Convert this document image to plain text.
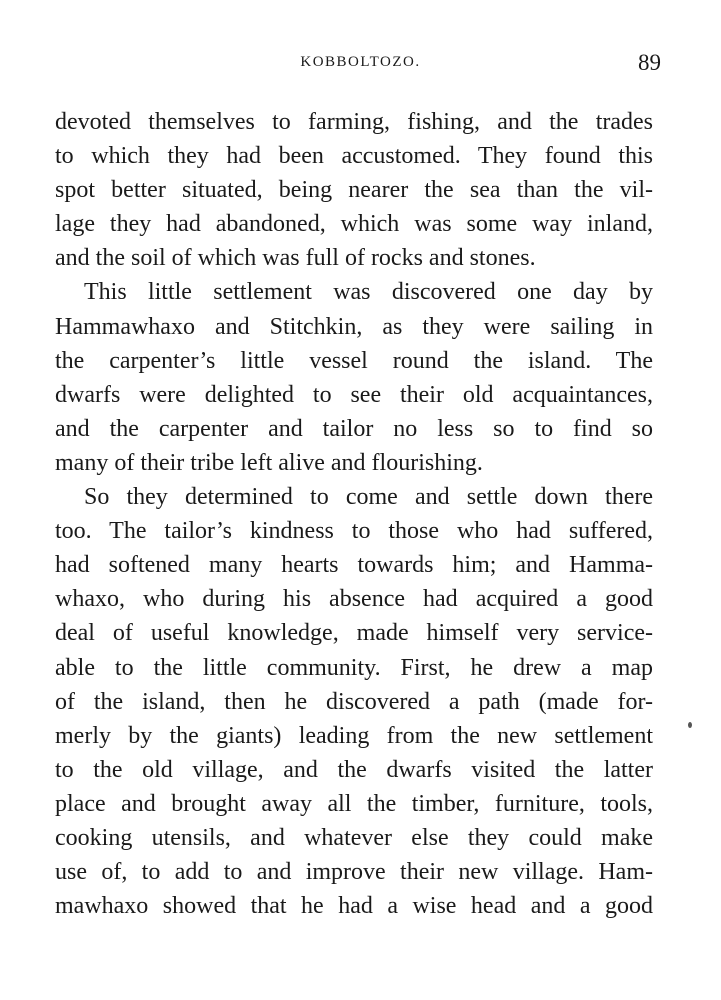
KOBBOLTOZO.	89
devoted themselves to farming, fishing, and the trades
to which they had been accustomed. They found this
spot better situated, being nearer the sea than the vil-
lage they had abandoned, which was some way inland,
and the soil of which was full of rocks and stones.
This little settlement was discovered one day by
Hammawhaxo and Stitchkin, as they were sailing in
the carpenter’s little vessel round the island. The
dwarfs were delighted to see their old acquaintances,
and the carpenter and tailor no less so to find so
many of their tribe left alive and flourishing.
So they determined to come and settle down there
too. The tailor’s kindness to those who had suffered,
had softened many hearts towards him; and Hamma-
whaxo, who during his absence had acquired a good
deal of useful knowledge, made himself very service-
able to the little community. First, he drew a map
of the island, then he discovered a path (made for-
merly by the giants) leading from the new settlement
to the old village, and the dwarfs visited the latter
place and brought away all the timber, furniture, tools,
cooking utensils, and whatever else they could make
use of, to add to and improve their new village. Ham-
mawhaxo showed that he had a wise head and a good
